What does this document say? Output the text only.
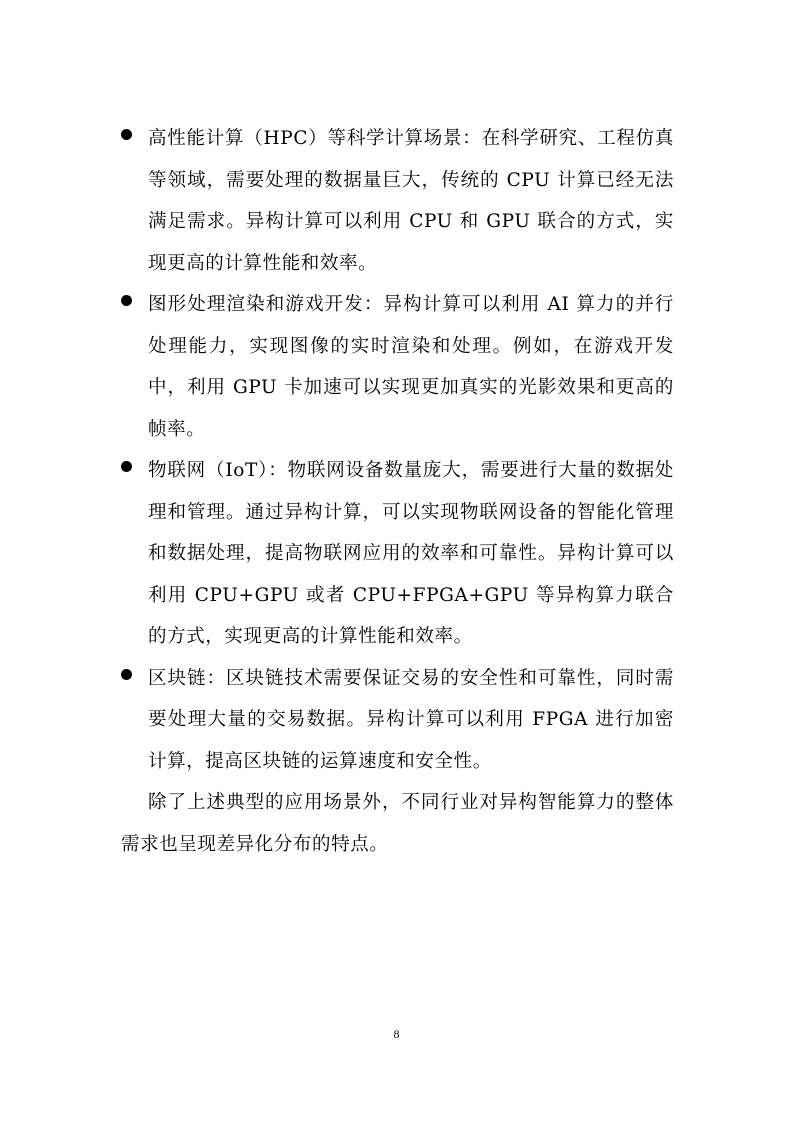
高性能计算（HPC）等科学计算场景：在科学研究、工程仿真等领域，需要处理的数据量巨大，传统的 CPU 计算已经无法满足需求。异构计算可以利用 CPU 和 GPU 联合的方式，实现更高的计算性能和效率。
图形处理渲染和游戏开发：异构计算可以利用 AI 算力的并行处理能力，实现图像的实时渲染和处理。例如，在游戏开发中，利用 GPU 卡加速可以实现更加真实的光影效果和更高的帧率。
物联网（IoT）：物联网设备数量庞大，需要进行大量的数据处理和管理。通过异构计算，可以实现物联网设备的智能化管理和数据处理，提高物联网应用的效率和可靠性。异构计算可以利用 CPU+GPU 或者 CPU+FPGA+GPU 等异构算力联合的方式，实现更高的计算性能和效率。
区块链：区块链技术需要保证交易的安全性和可靠性，同时需要处理大量的交易数据。异构计算可以利用 FPGA 进行加密计算，提高区块链的运算速度和安全性。

除了上述典型的应用场景外，不同行业对异构智能算力的整体需求也呈现差异化分布的特点。

8
